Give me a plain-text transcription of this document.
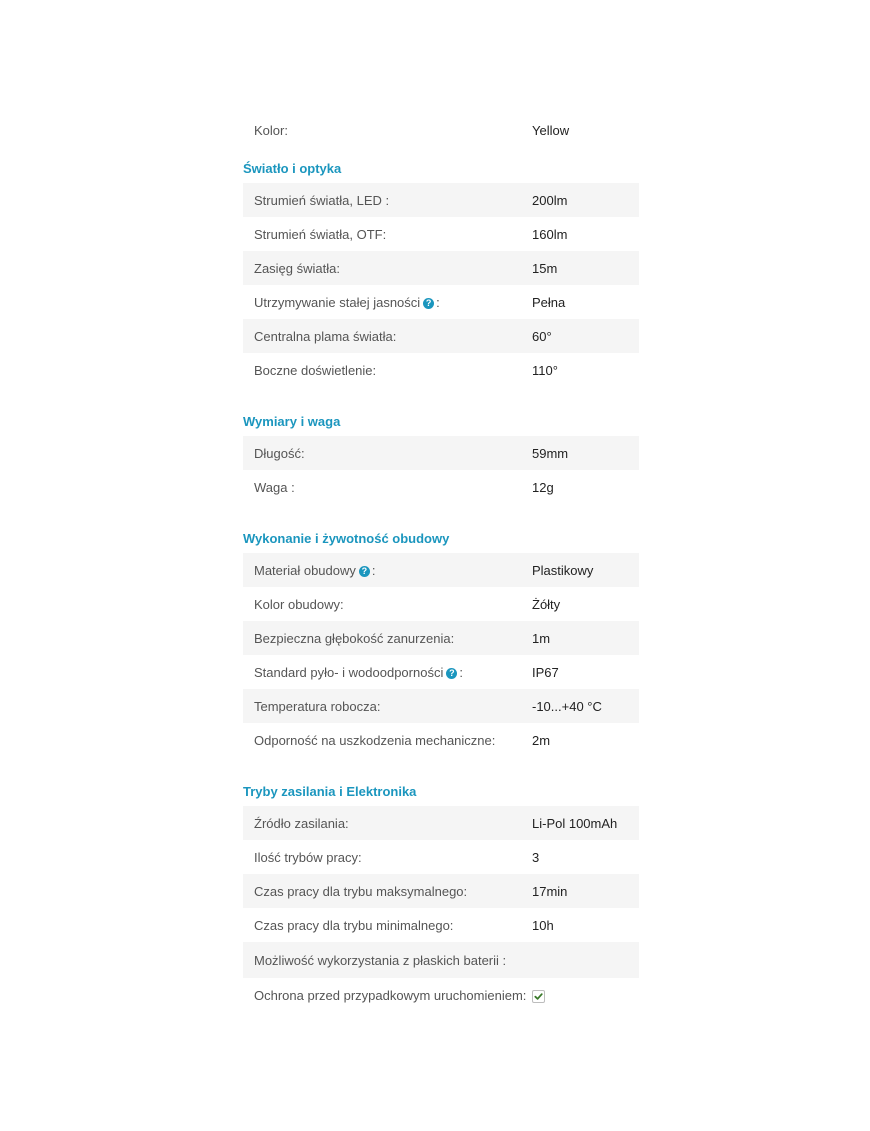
Kolor:	Yellow
Światło i optyka
Strumień światła, LED :	200lm
Strumień światła, OTF:	160lm
Zasięg światła:	15m
Utrzymywanie stałej jasności ? :	Pełna
Centralna plama światła:	60°
Boczne doświetlenie:	110°
Wymiary i waga
Długość:	59mm
Waga :	12g
Wykonanie i żywotność obudowy
Materiał obudowy ? :	Plastikowy
Kolor obudowy:	Żółty
Bezpieczna głębokość zanurzenia:	1m
Standard pyło- i wodoodporności ? :	IP67
Temperatura robocza:	-10...+40 °C
Odporność na uszkodzenia mechaniczne:	2m
Tryby zasilania i Elektronika
Źródło zasilania:	Li-Pol 100mAh
Ilość trybów pracy:	3
Czas pracy dla trybu maksymalnego:	17min
Czas pracy dla trybu minimalnego:	10h
Możliwość wykorzystania z płaskich baterii :
Ochrona przed przypadkowym uruchomieniem:
